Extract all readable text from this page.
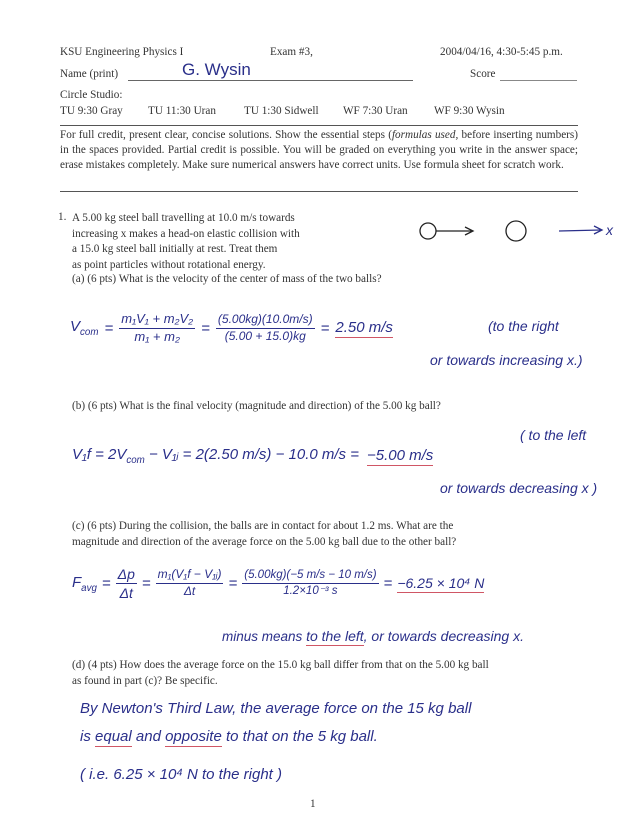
KSU Engineering Physics I	Exam #3,	2004/04/16, 4:30-5:45 p.m.
Name (print)	G. Wysin	Score
Circle Studio:
TU 9:30 Gray TU 11:30 Uran	TU 1:30 Sidwell WF 7:30 Uran WF 9:30 Wysin
For full credit, present clear, concise solutions. Show the essential steps (formulas used, before inserting numbers) in the spaces provided. Partial credit is possible. You will be graded on everything you write in the answer space; erase mistakes completely. Make sure numerical answers have correct units. Use formula sheet for scratch work.
1. A 5.00 kg steel ball travelling at 10.0 m/s towards
increasing x makes a head-on elastic collision with
a 15.0 kg steel ball initially at rest. Treat them
as point particles without rotational energy.
x
(a) (6 pts) What is the velocity of the center of mass of the two balls?
$V_{com} = \frac{\text{m₁V₁ + m₂V₂}}{\text{m₁ + m₂}} = \frac{(5.00kg)(10.0m/s)}{(5.00 + 15.0)kg} = 2.50$ m/s	(to the right
or towards increasing x.)
(b) (6 pts) What is the final velocity (magnitude and direction) of the 5.00 kg ball?
$V_1f = 2V_{com}$ − V₁ᵢ = 2(2.50 m/s) − 10.0 m/s = −5.00 m/s
( to the left
or towards decreasing x )
(c) (6 pts) During the collision, the balls are in contact for about 1.2 ms. What are the
magnitude and direction of the average force on the 5.00 kg ball due to the other ball?
$F_{avg} = \frac{\Delta p}{\Delta t} = \frac{\text{m₁(V₁f − V₁ᵢ)}}{\Delta t} = \frac{(5.00kg)(-5 m/s - 10 m/s)}{\text{1.2×10⁻³ s}} = -6.25 \times 10^4$ N
minus means to the left, or towards decreasing x.
(d) (4 pts) How does the average force on the 15.0 kg ball differ from that on the 5.00 kg ball
as found in part (c)? Be specific.
By Newton's Third Law, the average force on the 15 kg ball
is equal and opposite to that on the 5 kg ball.
( i.e. 6.25 × 10⁴ N to the right )
1
